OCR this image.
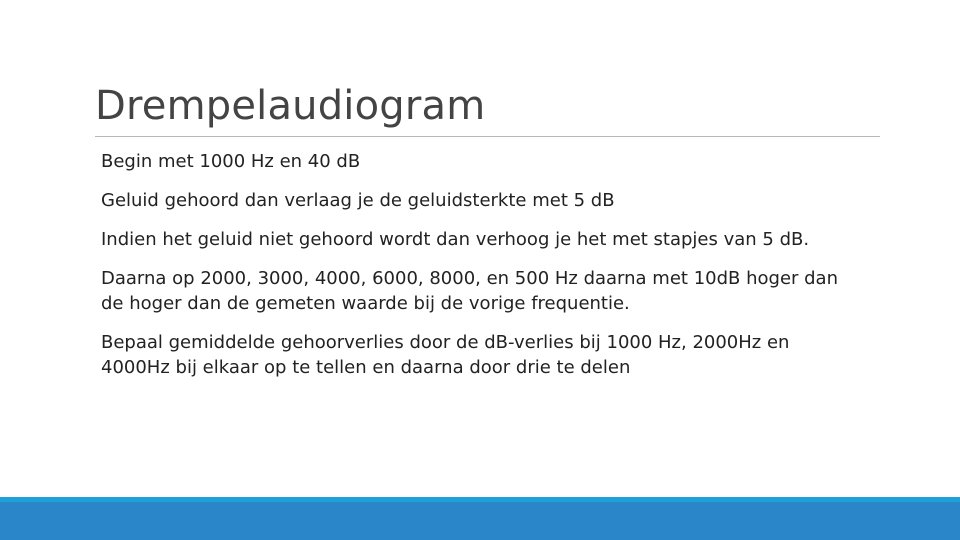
Drempelaudiogram
Begin met 1000 Hz en 40 dB
Geluid gehoord dan verlaag je de geluidsterkte met 5 dB
Indien het geluid niet gehoord wordt dan verhoog je het met stapjes van 5 dB.
Daarna op 2000, 3000, 4000, 6000, 8000, en 500 Hz daarna met 10dB hoger dan de hoger dan de gemeten waarde bij de vorige frequentie.
Bepaal gemiddelde gehoorverlies door de dB-verlies bij 1000 Hz, 2000Hz en 4000Hz bij elkaar op te tellen en daarna door drie te delen
